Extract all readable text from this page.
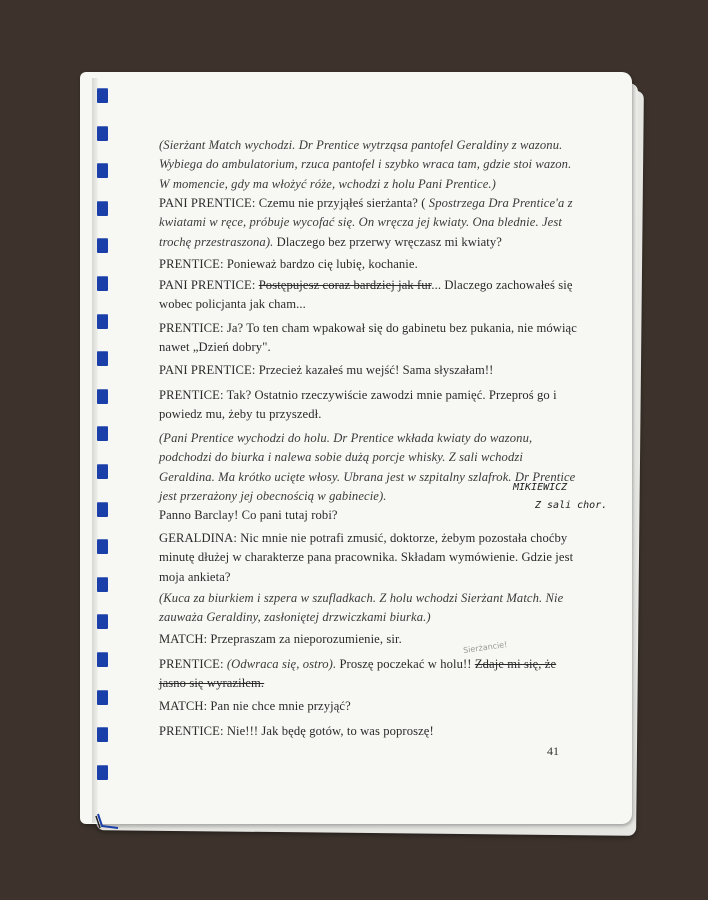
(Sierżant Match wychodzi. Dr Prentice wytrząsa pantofel Geraldiny z wazonu. Wybiega do ambulatorium, rzuca pantofel i szybko wraca tam, gdzie stoi wazon. W momencie, gdy ma włożyć róże, wchodzi z holu Pani Prentice.)

PANI PRENTICE: Czemu nie przyjąłeś sierżanta? ( Spostrzega Dra Prentice'a z kwiatami w ręce, próbuje wycofać się. On wręcza jej kwiaty. Ona blednie. Jest trochę przestraszona). Dlaczego bez przerwy wręczasz mi kwiaty?

PRENTICE: Ponieważ bardzo cię lubię, kochanie.

PANI PRENTICE: Postępujesz coraz bardziej jak fur... Dlaczego zachowałeś się wobec policjanta jak cham...

PRENTICE: Ja? To ten cham wpakował się do gabinetu bez pukania, nie mówiąc nawet „Dzień dobry".

PANI PRENTICE: Przecież kazałeś mu wejść! Sama słyszałam!!

PRENTICE: Tak? Ostatnio rzeczywiście zawodzi mnie pamięć. Przeproś go i powiedz mu, żeby tu przyszedł.

(Pani Prentice wychodzi do holu. Dr Prentice wkłada kwiaty do wazonu, podchodzi do biurka i nalewa sobie dużą porcje whisky. Z sali wchodzi Geraldina. Ma krótko ucięte włosy. Ubrana jest w szpitalny szlafrok. Dr Prentice jest przerażony jej obecnością w gabinecie).

Panno Barclay! Co pani tutaj robi?

GERALDINA: Nic mnie nie potrafi zmusić, doktorze, żebym pozostała choćby minutę dłużej w charakterze pana pracownika. Składam wymówienie. Gdzie jest moja ankieta?

(Kuca za biurkiem i szpera w szufladkach. Z holu wchodzi Sierżant Match. Nie zauważa Geraldiny, zasłoniętej drzwiczkami biurka.)

MATCH: Przepraszam za nieporozumienie, sir.

PRENTICE: (Odwraca się, ostro). Proszę poczekać w holu!! Zdaje mi się, że jasno się wyraziłem.

MATCH: Pan nie chce mnie przyjąć?

PRENTICE: Nie!!! Jak będę gotów, to was poproszę!

MIKIEWICZ
Z sali chor.
Sierżancie!
41
